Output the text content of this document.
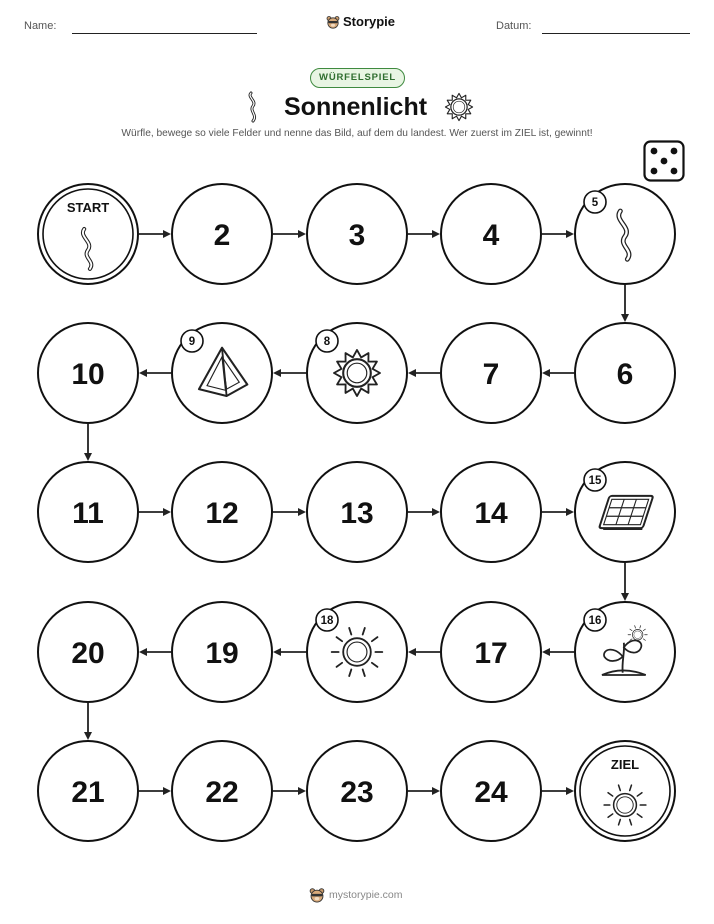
Name:	Storypie	Datum:
WÜRFELSPIEL
Sonnenlicht
Würfle, bewege so viele Felder und nenne das Bild, auf dem du landest. Wer zuerst im ZIEL ist, gewinnt!
START
2	3	4
5
6
7
8
9
10
11	12	13	14
15
16
17
18
19
20
21	22	23	24
ZIEL
mystorypie.com
